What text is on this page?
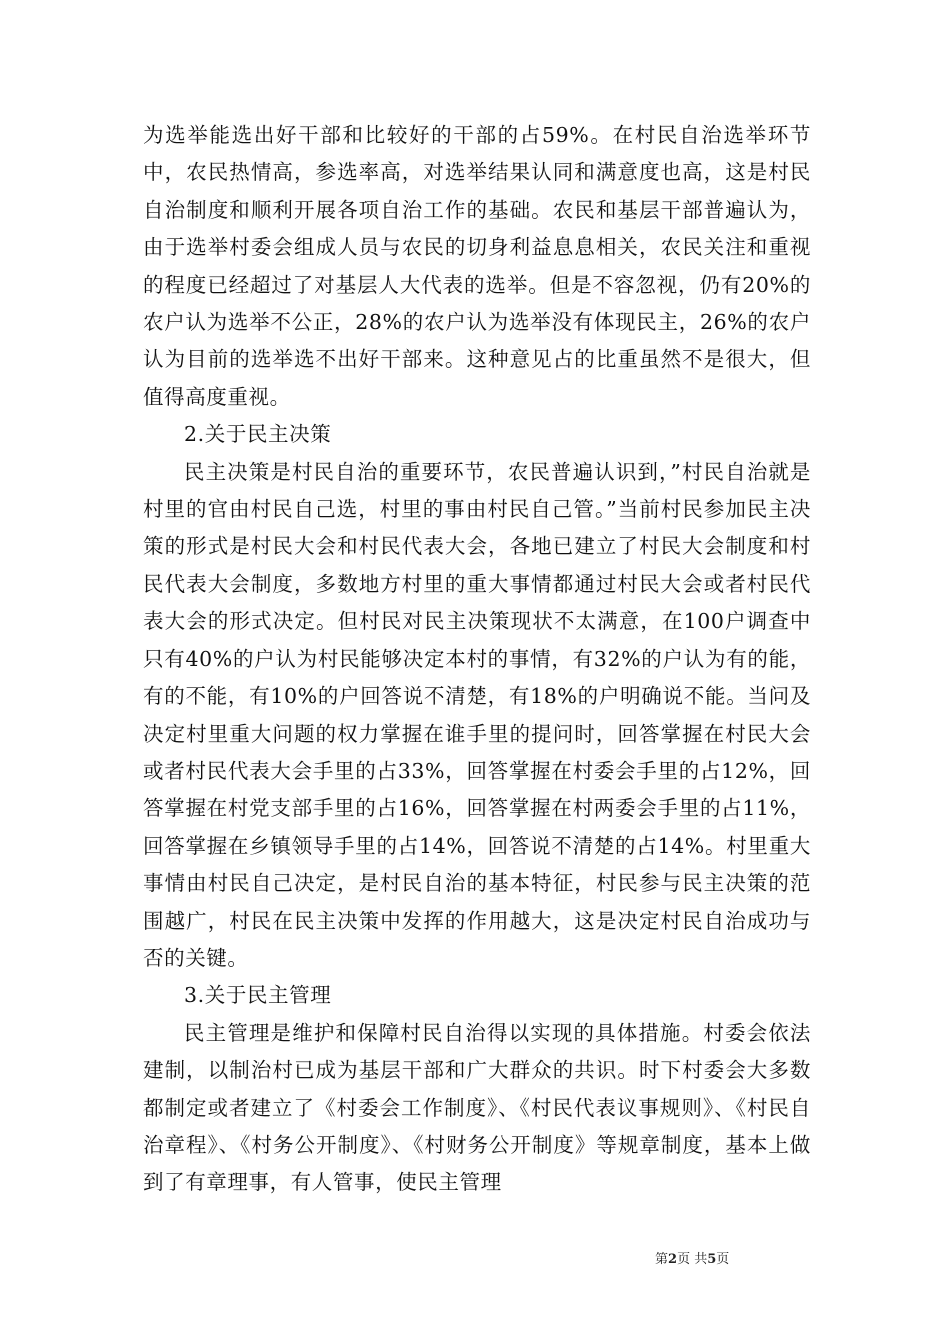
为选举能选出好干部和比较好的干部的占59%。在村民自治选举环节中，农民热情高，参选率高，对选举结果认同和满意度也高，这是村民自治制度和顺利开展各项自治工作的基础。农民和基层干部普遍认为，由于选举村委会组成人员与农民的切身利益息息相关，农民关注和重视的程度已经超过了对基层人大代表的选举。但是不容忽视，仍有20%的农户认为选举不公正，28%的农户认为选举没有体现民主，26%的农户认为目前的选举选不出好干部来。这种意见占的比重虽然不是很大，但值得高度重视。

2.关于民主决策

民主决策是村民自治的重要环节，农民普遍认识到，”村民自治就是村里的官由村民自己选，村里的事由村民自己管。”当前村民参加民主决策的形式是村民大会和村民代表大会，各地已建立了村民大会制度和村民代表大会制度，多数地方村里的重大事情都通过村民大会或者村民代表大会的形式决定。但村民对民主决策现状不太满意，在100户调查中只有40%的户认为村民能够决定本村的事情，有32%的户认为有的能，有的不能，有10%的户回答说不清楚，有18%的户明确说不能。当问及决定村里重大问题的权力掌握在谁手里的提问时，回答掌握在村民大会或者村民代表大会手里的占33%，回答掌握在村委会手里的占12%，回答掌握在村党支部手里的占16%，回答掌握在村两委会手里的占11%，回答掌握在乡镇领导手里的占14%，回答说不清楚的占14%。村里重大事情由村民自己决定，是村民自治的基本特征，村民参与民主决策的范围越广，村民在民主决策中发挥的作用越大，这是决定村民自治成功与否的关键。

3.关于民主管理

民主管理是维护和保障村民自治得以实现的具体措施。村委会依法建制，以制治村已成为基层干部和广大群众的共识。时下村委会大多数都制定或者建立了《村委会工作制度》、《村民代表议事规则》、《村民自治章程》、《村务公开制度》、《村财务公开制度》等规章制度，基本上做到了有章理事，有人管事，使民主管理

第2页 共5页
